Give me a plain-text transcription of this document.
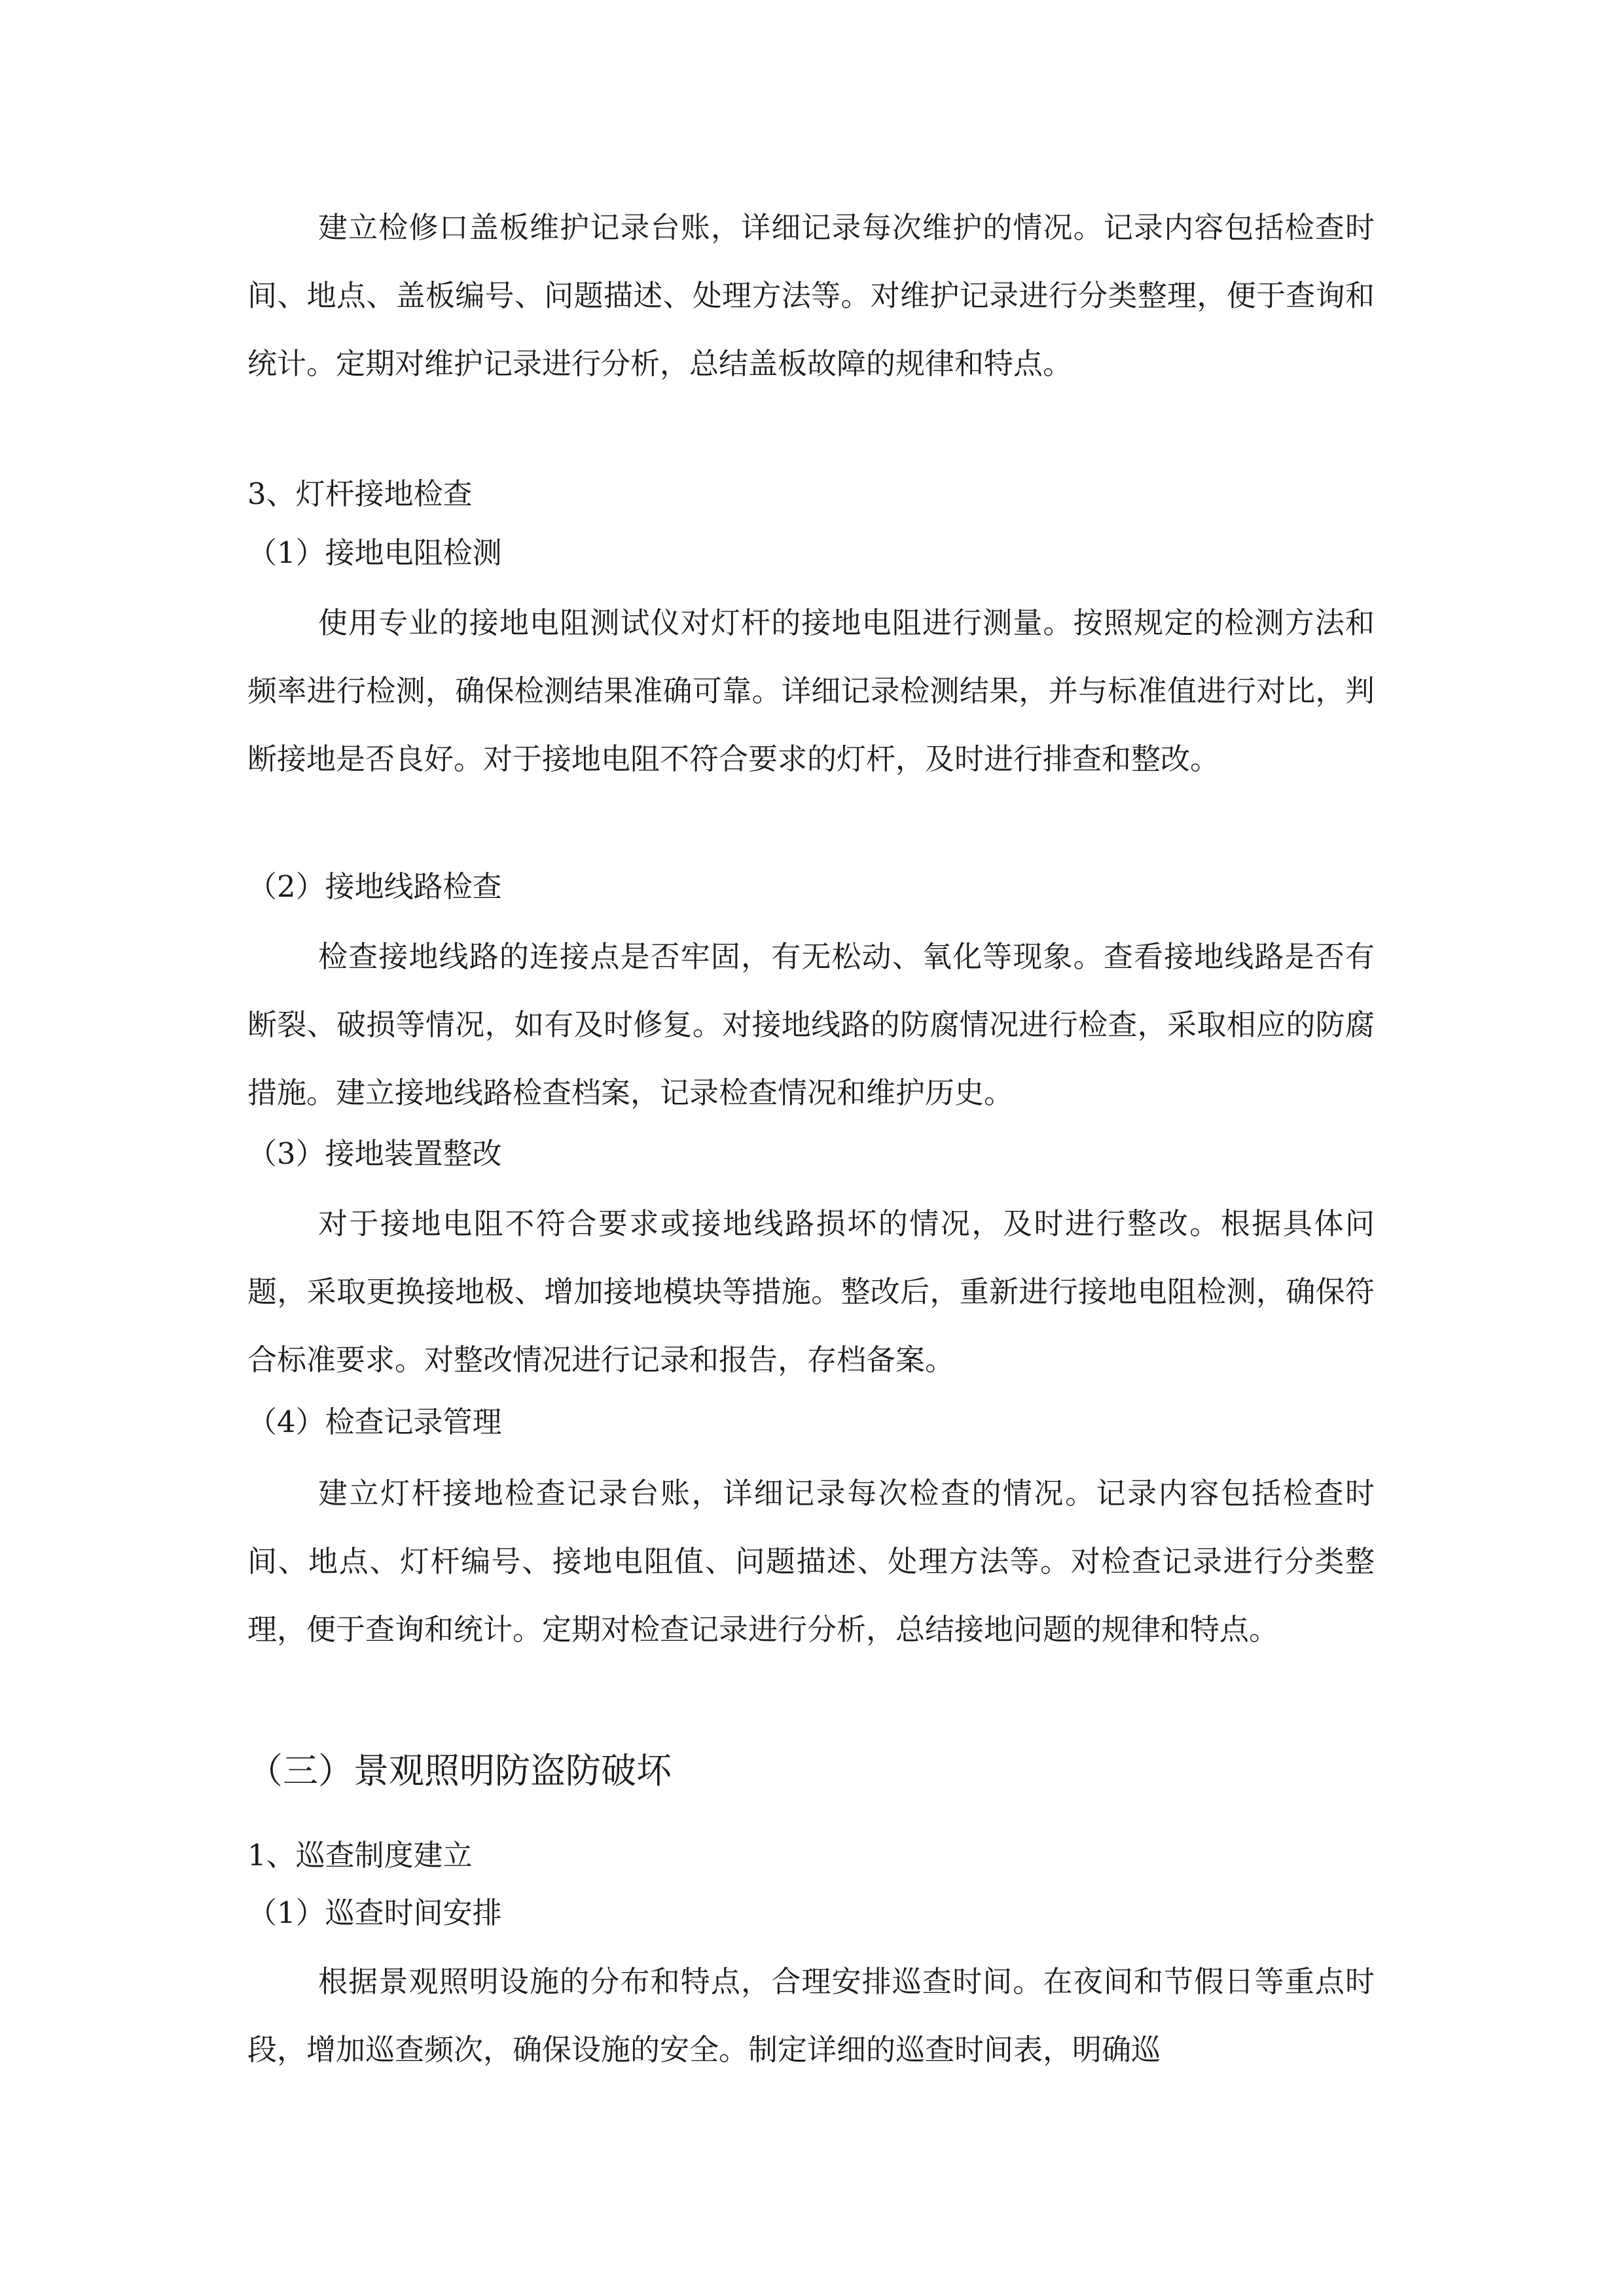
建立检修口盖板维护记录台账，详细记录每次维护的情况。记录内容包括检查时间、地点、盖板编号、问题描述、处理方法等。对维护记录进行分类整理，便于查询和统计。定期对维护记录进行分析，总结盖板故障的规律和特点。

3、灯杆接地检查
（1）接地电阻检测

使用专业的接地电阻测试仪对灯杆的接地电阻进行测量。按照规定的检测方法和频率进行检测，确保检测结果准确可靠。详细记录检测结果，并与标准值进行对比，判断接地是否良好。对于接地电阻不符合要求的灯杆，及时进行排查和整改。

（2）接地线路检查

检查接地线路的连接点是否牢固，有无松动、氧化等现象。查看接地线路是否有断裂、破损等情况，如有及时修复。对接地线路的防腐情况进行检查，采取相应的防腐措施。建立接地线路检查档案，记录检查情况和维护历史。

（3）接地装置整改

对于接地电阻不符合要求或接地线路损坏的情况，及时进行整改。根据具体问题，采取更换接地极、增加接地模块等措施。整改后，重新进行接地电阻检测，确保符合标准要求。对整改情况进行记录和报告，存档备案。

（4）检查记录管理

建立灯杆接地检查记录台账，详细记录每次检查的情况。记录内容包括检查时间、地点、灯杆编号、接地电阻值、问题描述、处理方法等。对检查记录进行分类整理，便于查询和统计。定期对检查记录进行分析，总结接地问题的规律和特点。

（三）景观照明防盗防破坏
1、巡查制度建立
（1）巡查时间安排

根据景观照明设施的分布和特点，合理安排巡查时间。在夜间和节假日等重点时段，增加巡查频次，确保设施的安全。制定详细的巡查时间表，明确巡
